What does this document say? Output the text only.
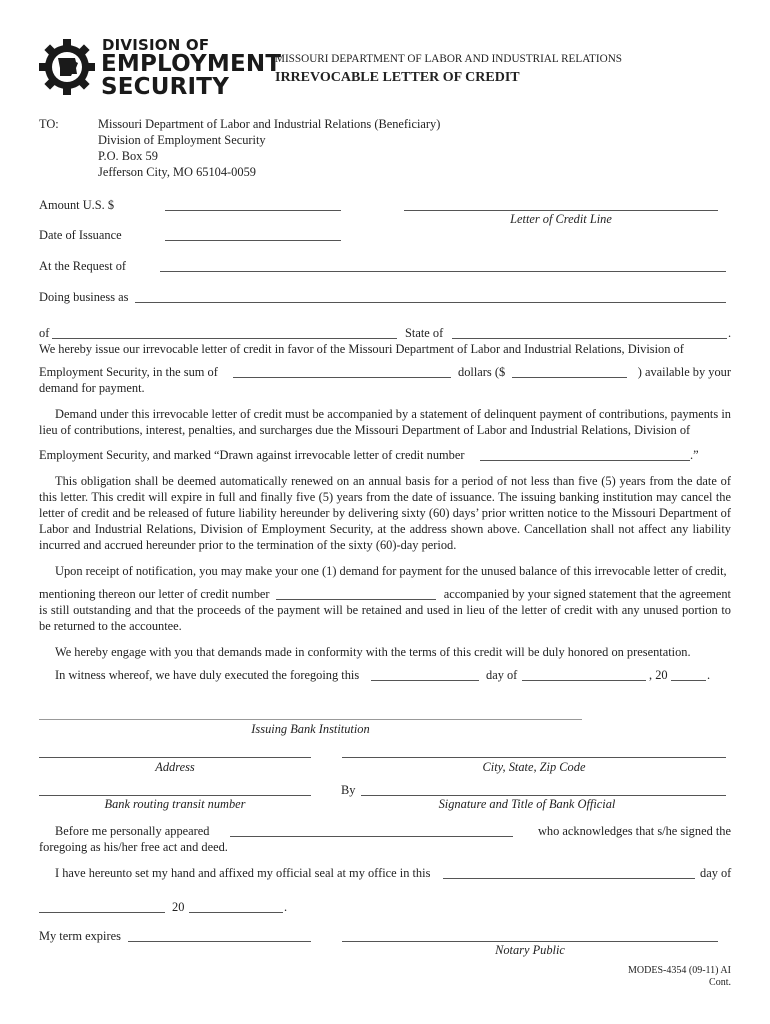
DIVISION OF
EMPLOYMENT
SECURITY
MISSOURI DEPARTMENT OF LABOR AND INDUSTRIAL RELATIONS
IRREVOCABLE LETTER OF CREDIT
TO:	Missouri Department of Labor and Industrial Relations (Beneficiary)
Division of Employment Security
P.O. Box 59
Jefferson City, MO 65104-0059
Amount U.S. $
Letter of Credit Line
Date of Issuance
At the Request of
Doing business as
of	State of	.
We hereby issue our irrevocable letter of credit in favor of the Missouri Department of Labor and Industrial Relations, Division of
Employment Security, in the sum of	dollars ($	) available by your
demand for payment.
Demand under this irrevocable letter of credit must be accompanied by a statement of delinquent payment of contributions, payments in lieu of contributions, interest, penalties, and surcharges due the Missouri Department of Labor and Industrial Relations, Division of
Employment Security, and marked “Drawn against irrevocable letter of credit number	.”
This obligation shall be deemed automatically renewed on an annual basis for a period of not less than five (5) years from the date of this letter. This credit will expire in full and finally five (5) years from the date of issuance. The issuing banking institution may cancel the letter of credit and be released of future liability hereunder by delivering sixty (60) days’ prior written notice to the Missouri Department of Labor and Industrial Relations, Division of Employment Security, at the address shown above. Cancellation shall not affect any liability incurred and accrued hereunder prior to the termination of the sixty (60)-day period.
Upon receipt of notification, you may make your one (1) demand for payment for the unused balance of this irrevocable letter of credit,
mentioning thereon our letter of credit number	accompanied by your signed statement that the agreement
is still outstanding and that the proceeds of the payment will be retained and used in lieu of the letter of credit with any unused portion to be returned to the accountee.
We hereby engage with you that demands made in conformity with the terms of this credit will be duly honored on presentation.
In witness whereof, we have duly executed the foregoing this	day of	, 20	.
Issuing Bank Institution
Address	City, State, Zip Code
Bank routing transit number
By
Signature and Title of Bank Official
Before me personally appeared	who acknowledges that s/he signed the
foregoing as his/her free act and deed.
I have hereunto set my hand and affixed my official seal at my office in this	day of
20	.
My term expires
Notary Public
MODES-4354 (09-11) AI
Cont.
